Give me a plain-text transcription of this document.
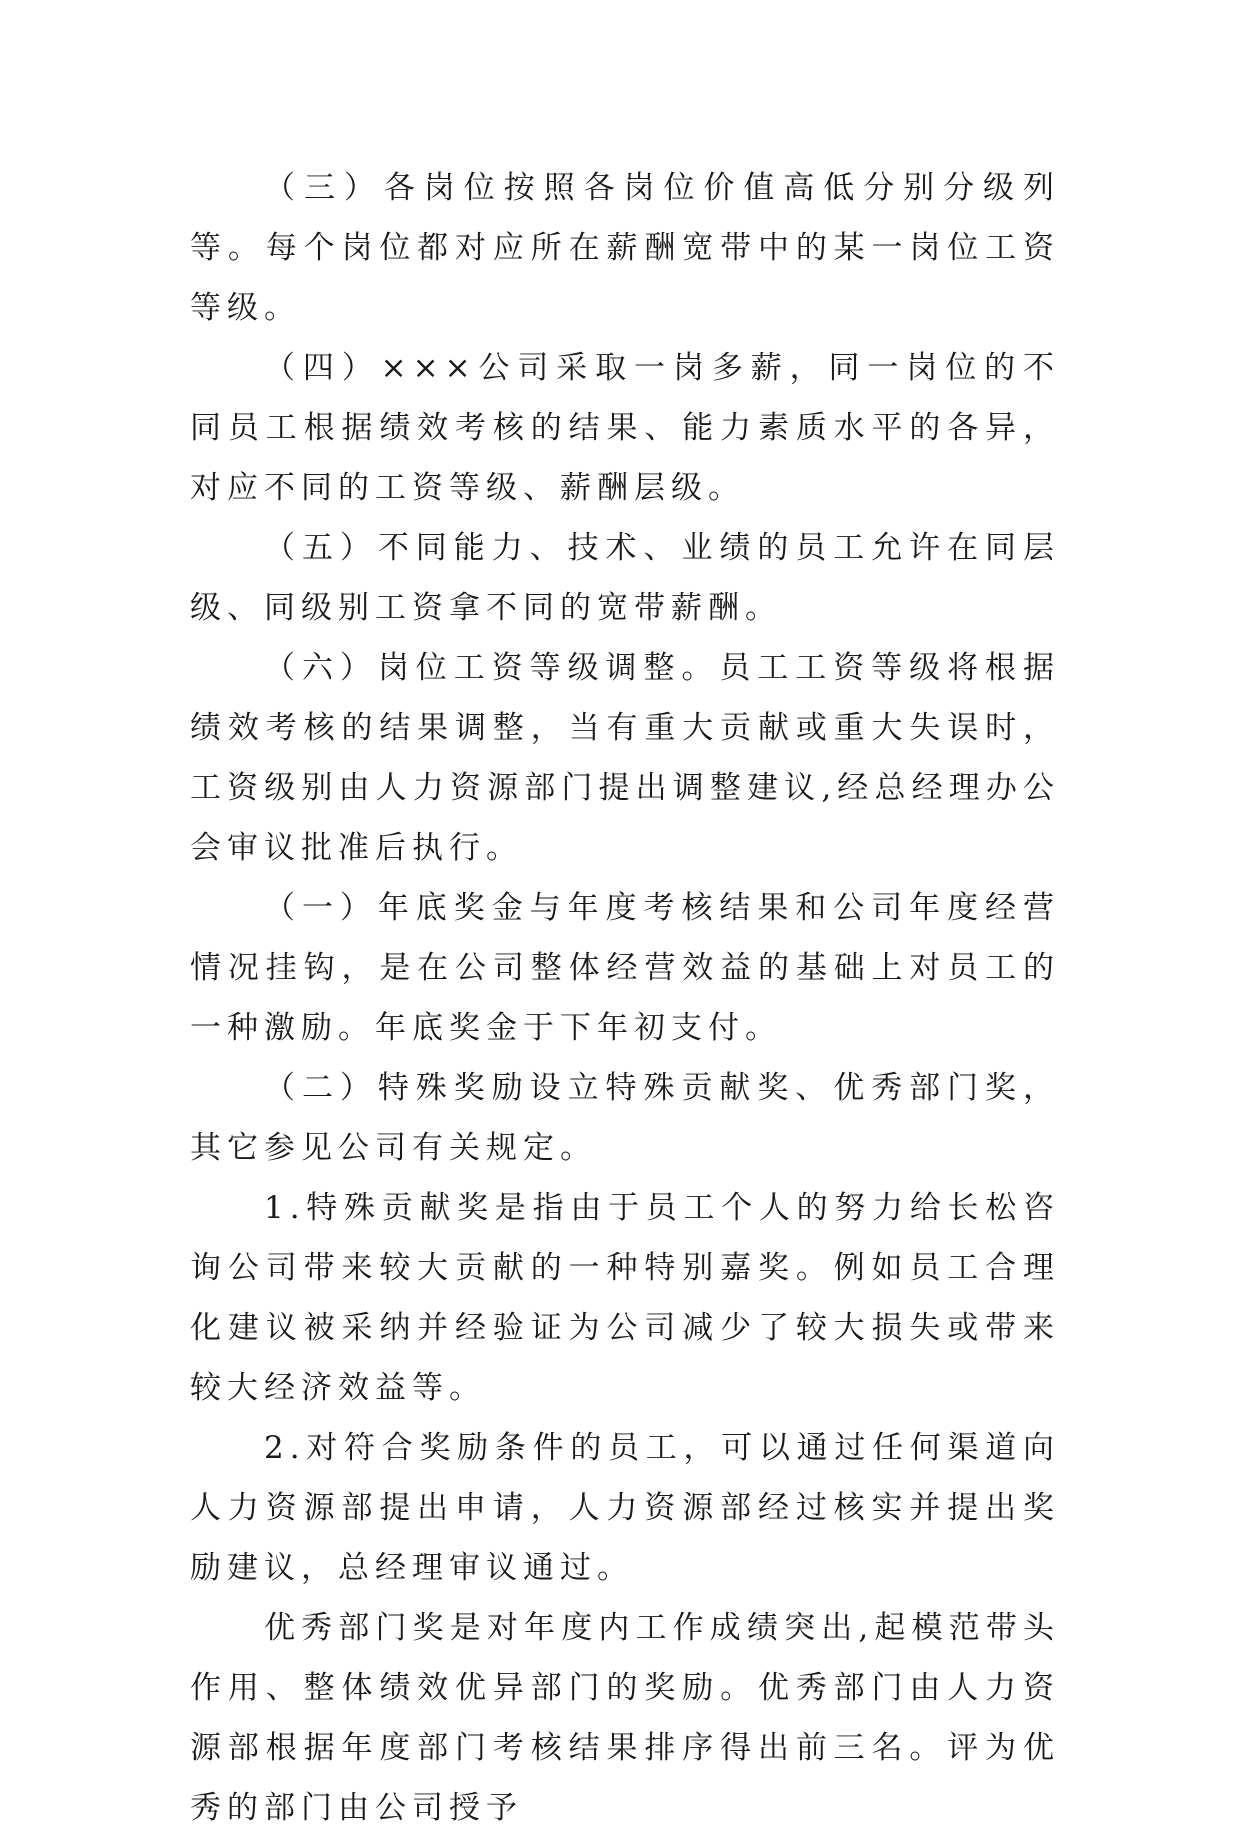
（三）各岗位按照各岗位价值高低分别分级列等。每个岗位都对应所在薪酬宽带中的某一岗位工资等级。

（四）×××公司采取一岗多薪，同一岗位的不同员工根据绩效考核的结果、能力素质水平的各异，对应不同的工资等级、薪酬层级。

（五）不同能力、技术、业绩的员工允许在同层级、同级别工资拿不同的宽带薪酬。

（六）岗位工资等级调整。员工工资等级将根据绩效考核的结果调整，当有重大贡献或重大失误时，工资级别由人力资源部门提出调整建议,经总经理办公会审议批准后执行。

（一）年底奖金与年度考核结果和公司年度经营情况挂钩，是在公司整体经营效益的基础上对员工的一种激励。年底奖金于下年初支付。

（二）特殊奖励设立特殊贡献奖、优秀部门奖，其它参见公司有关规定。

1.特殊贡献奖是指由于员工个人的努力给长松咨询公司带来较大贡献的一种特别嘉奖。例如员工合理化建议被采纳并经验证为公司减少了较大损失或带来较大经济效益等。

2.对符合奖励条件的员工，可以通过任何渠道向人力资源部提出申请，人力资源部经过核实并提出奖励建议，总经理审议通过。

优秀部门奖是对年度内工作成绩突出,起模范带头作用、整体绩效优异部门的奖励。优秀部门由人力资源部根据年度部门考核结果排序得出前三名。评为优秀的部门由公司授予
